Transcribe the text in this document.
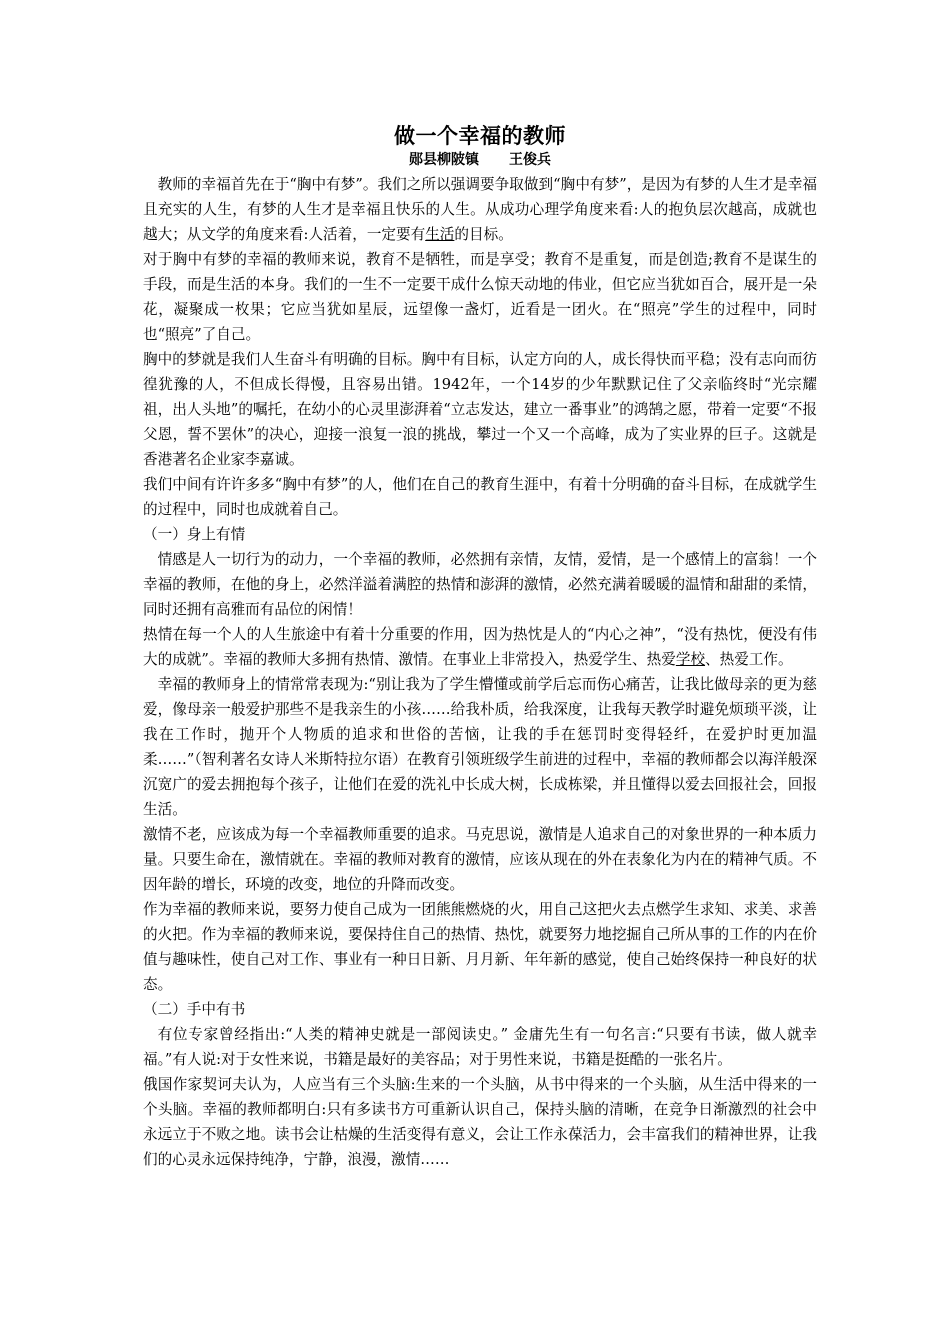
做一个幸福的教师

郧县柳陂镇 王俊兵

教师的幸福首先在于“胸中有梦”。我们之所以强调要争取做到“胸中有梦”，是因为有梦的人生才是幸福且充实的人生，有梦的人生才是幸福且快乐的人生。从成功心理学角度来看:人的抱负层次越高，成就也越大；从文学的角度来看:人活着，一定要有生活的目标。

对于胸中有梦的幸福的教师来说，教育不是牺牲，而是享受；教育不是重复，而是创造;教育不是谋生的手段，而是生活的本身。我们的一生不一定要干成什么惊天动地的伟业，但它应当犹如百合，展开是一朵花，凝聚成一枚果；它应当犹如星辰，远望像一盏灯，近看是一团火。在“照亮”学生的过程中，同时也“照亮”了自己。

胸中的梦就是我们人生奋斗有明确的目标。胸中有目标，认定方向的人，成长得快而平稳；没有志向而彷徨犹豫的人，不但成长得慢，且容易出错。1942年，一个14岁的少年默默记住了父亲临终时“光宗耀祖，出人头地”的嘱托，在幼小的心灵里澎湃着“立志发达，建立一番事业”的鸿鹄之愿，带着一定要“不报父恩，誓不罢休”的决心，迎接一浪复一浪的挑战，攀过一个又一个高峰，成为了实业界的巨子。这就是香港著名企业家李嘉诚。

我们中间有许许多多“胸中有梦”的人，他们在自己的教育生涯中，有着十分明确的奋斗目标，在成就学生的过程中，同时也成就着自己。

（一）身上有情

情感是人一切行为的动力，一个幸福的教师，必然拥有亲情，友情，爱情，是一个感情上的富翁！一个幸福的教师，在他的身上，必然洋溢着满腔的热情和澎湃的激情，必然充满着暖暖的温情和甜甜的柔情，同时还拥有高雅而有品位的闲情！

热情在每一个人的人生旅途中有着十分重要的作用，因为热忱是人的“内心之神”，“没有热忱，便没有伟大的成就”。幸福的教师大多拥有热情、激情。在事业上非常投入，热爱学生、热爱学校、热爱工作。

幸福的教师身上的情常常表现为:“别让我为了学生懵懂或前学后忘而伤心痛苦，让我比做母亲的更为慈爱，像母亲一般爱护那些不是我亲生的小孩……给我朴质，给我深度，让我每天教学时避免烦琐平淡，让我在工作时，抛开个人物质的追求和世俗的苦恼，让我的手在惩罚时变得轻纤，在爱护时更加温柔……”（智利著名女诗人米斯特拉尔语）在教育引领班级学生前进的过程中，幸福的教师都会以海洋般深沉宽广的爱去拥抱每个孩子，让他们在爱的洗礼中长成大树，长成栋梁，并且懂得以爱去回报社会，回报生活。

激情不老，应该成为每一个幸福教师重要的追求。马克思说，激情是人追求自己的对象世界的一种本质力量。只要生命在，激情就在。幸福的教师对教育的激情，应该从现在的外在表象化为内在的精神气质。不因年龄的增长，环境的改变，地位的升降而改变。

作为幸福的教师来说，要努力使自己成为一团熊熊燃烧的火，用自己这把火去点燃学生求知、求美、求善的火把。作为幸福的教师来说，要保持住自己的热情、热忱，就要努力地挖掘自己所从事的工作的内在价值与趣味性，使自己对工作、事业有一种日日新、月月新、年年新的感觉，使自己始终保持一种良好的状态。

（二）手中有书

有位专家曾经指出:“人类的精神史就是一部阅读史。” 金庸先生有一句名言:“只要有书读，做人就幸福。”有人说:对于女性来说，书籍是最好的美容品；对于男性来说，书籍是挺酷的一张名片。

俄国作家契诃夫认为，人应当有三个头脑:生来的一个头脑，从书中得来的一个头脑，从生活中得来的一个头脑。幸福的教师都明白:只有多读书方可重新认识自己，保持头脑的清晰，在竞争日渐激烈的社会中永远立于不败之地。读书会让枯燥的生活变得有意义，会让工作永葆活力，会丰富我们的精神世界，让我们的心灵永远保持纯净，宁静，浪漫，激情……
